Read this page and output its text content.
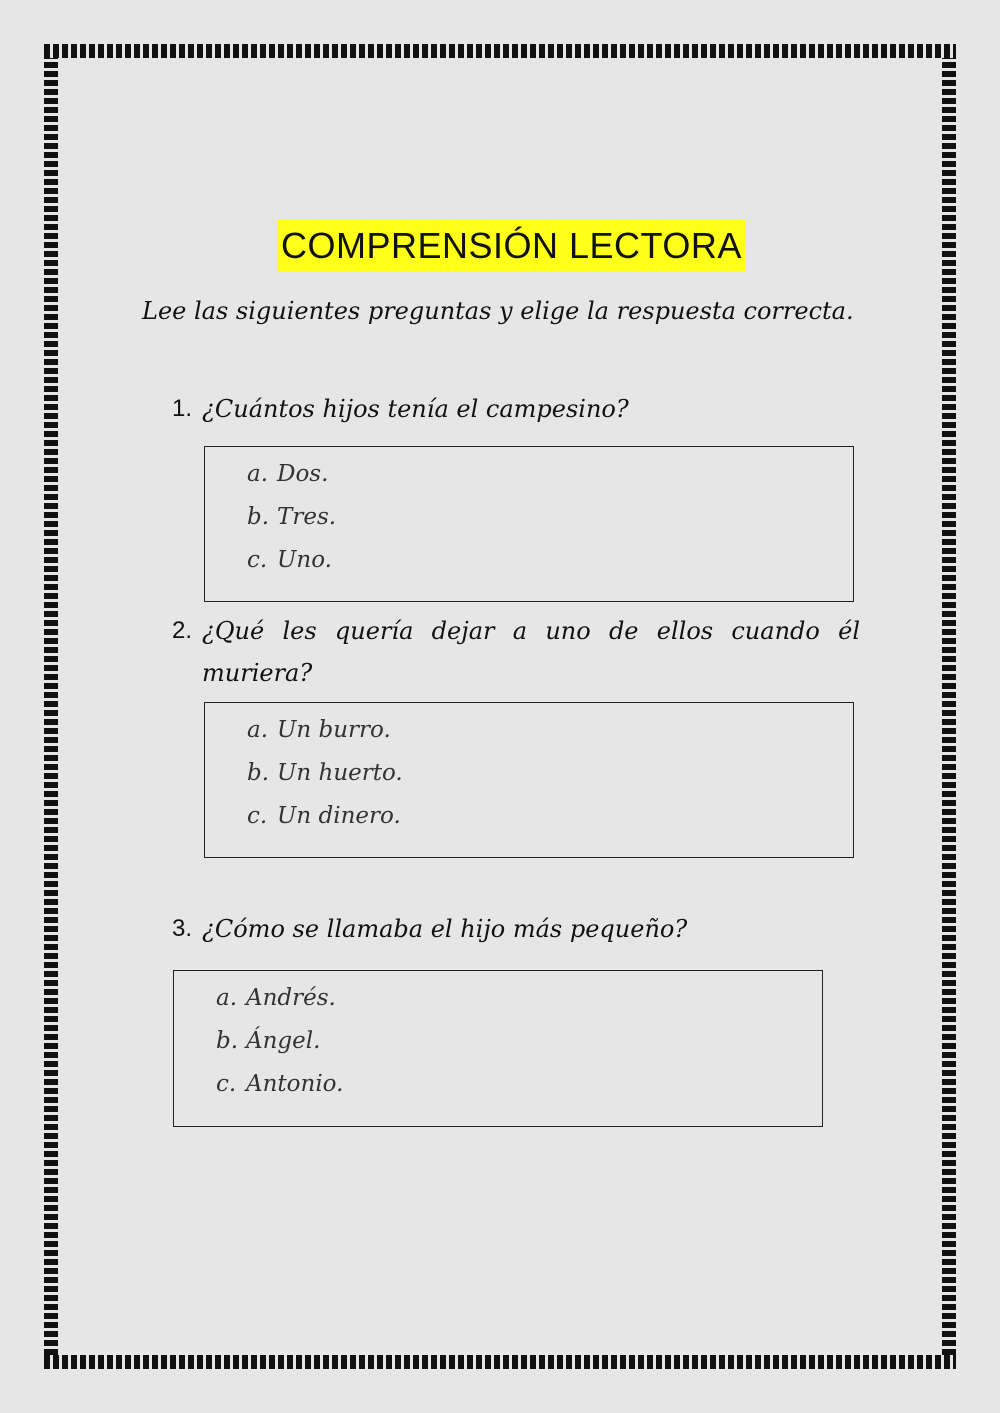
COMPRENSIÓN LECTORA
Lee las siguientes preguntas y elige la respuesta correcta.
1. ¿Cuántos hijos tenía el campesino?
a. Dos.
b. Tres.
c. Uno.
2. ¿Qué les quería dejar a uno de ellos cuando él muriera?
a. Un burro.
b. Un huerto.
c. Un dinero.
3. ¿Cómo se llamaba el hijo más pequeño?
a. Andrés.
b. Ángel.
c. Antonio.
